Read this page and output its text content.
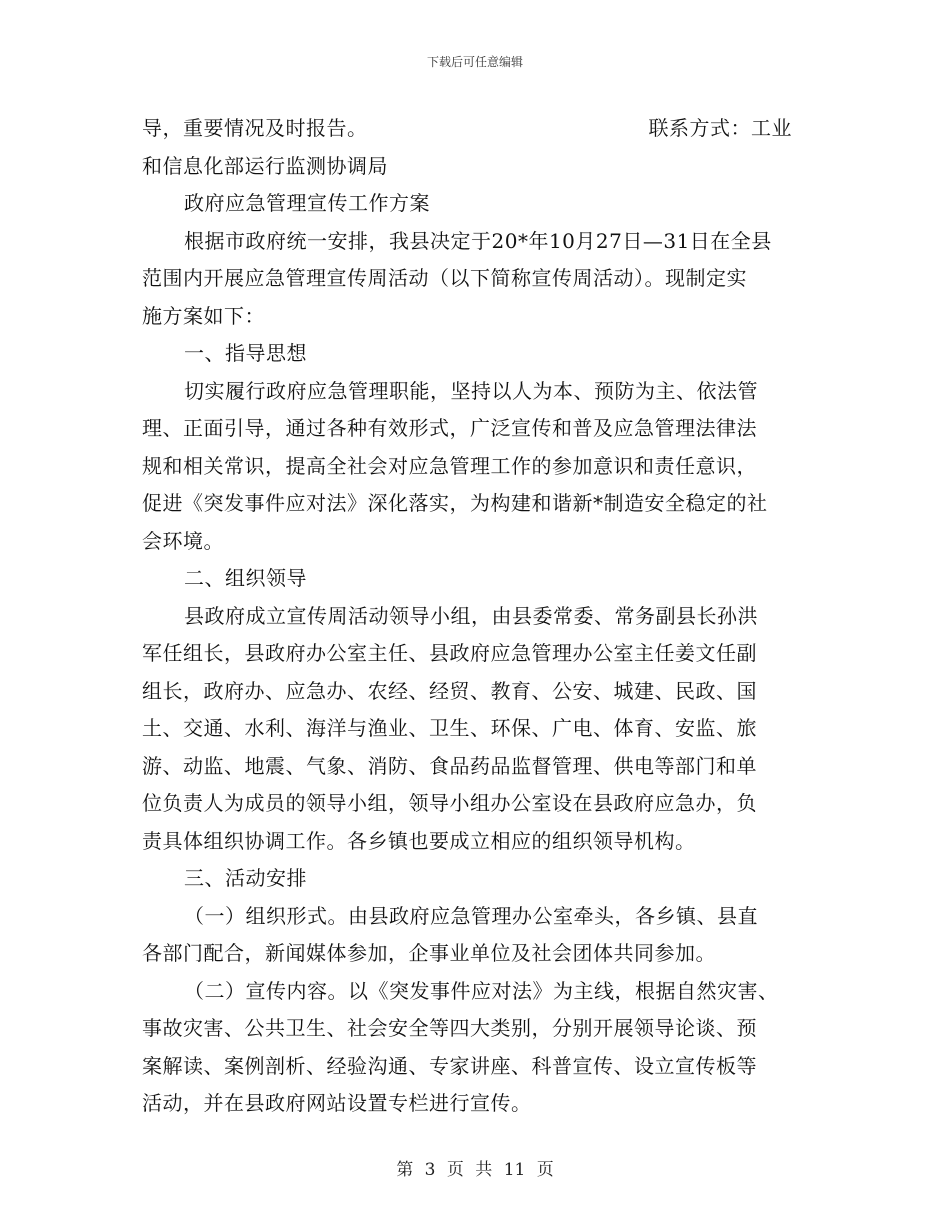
下载后可任意编辑
导，重要情况及时报告。	联系方式：工业
和信息化部运行监测协调局
政府应急管理宣传工作方案
根据市政府统一安排，我县决定于20*年10月27日—31日在全县
范围内开展应急管理宣传周活动（以下简称宣传周活动）。现制定实
施方案如下：
一、指导思想
切实履行政府应急管理职能，坚持以人为本、预防为主、依法管
理、正面引导，通过各种有效形式，广泛宣传和普及应急管理法律法
规和相关常识，提高全社会对应急管理工作的参加意识和责任意识，
促进《突发事件应对法》深化落实，为构建和谐新*制造安全稳定的社
会环境。
二、组织领导
县政府成立宣传周活动领导小组，由县委常委、常务副县长孙洪
军任组长，县政府办公室主任、县政府应急管理办公室主任姜文任副
组长，政府办、应急办、农经、经贸、教育、公安、城建、民政、国
土、交通、水利、海洋与渔业、卫生、环保、广电、体育、安监、旅
游、动监、地震、气象、消防、食品药品监督管理、供电等部门和单
位负责人为成员的领导小组，领导小组办公室设在县政府应急办，负
责具体组织协调工作。各乡镇也要成立相应的组织领导机构。
三、活动安排
（一）组织形式。由县政府应急管理办公室牵头，各乡镇、县直
各部门配合，新闻媒体参加，企事业单位及社会团体共同参加。
（二）宣传内容。以《突发事件应对法》为主线，根据自然灾害、
事故灾害、公共卫生、社会安全等四大类别，分别开展领导论谈、预
案解读、案例剖析、经验沟通、专家讲座、科普宣传、设立宣传板等
活动，并在县政府网站设置专栏进行宣传。
第 3 页 共 11 页
